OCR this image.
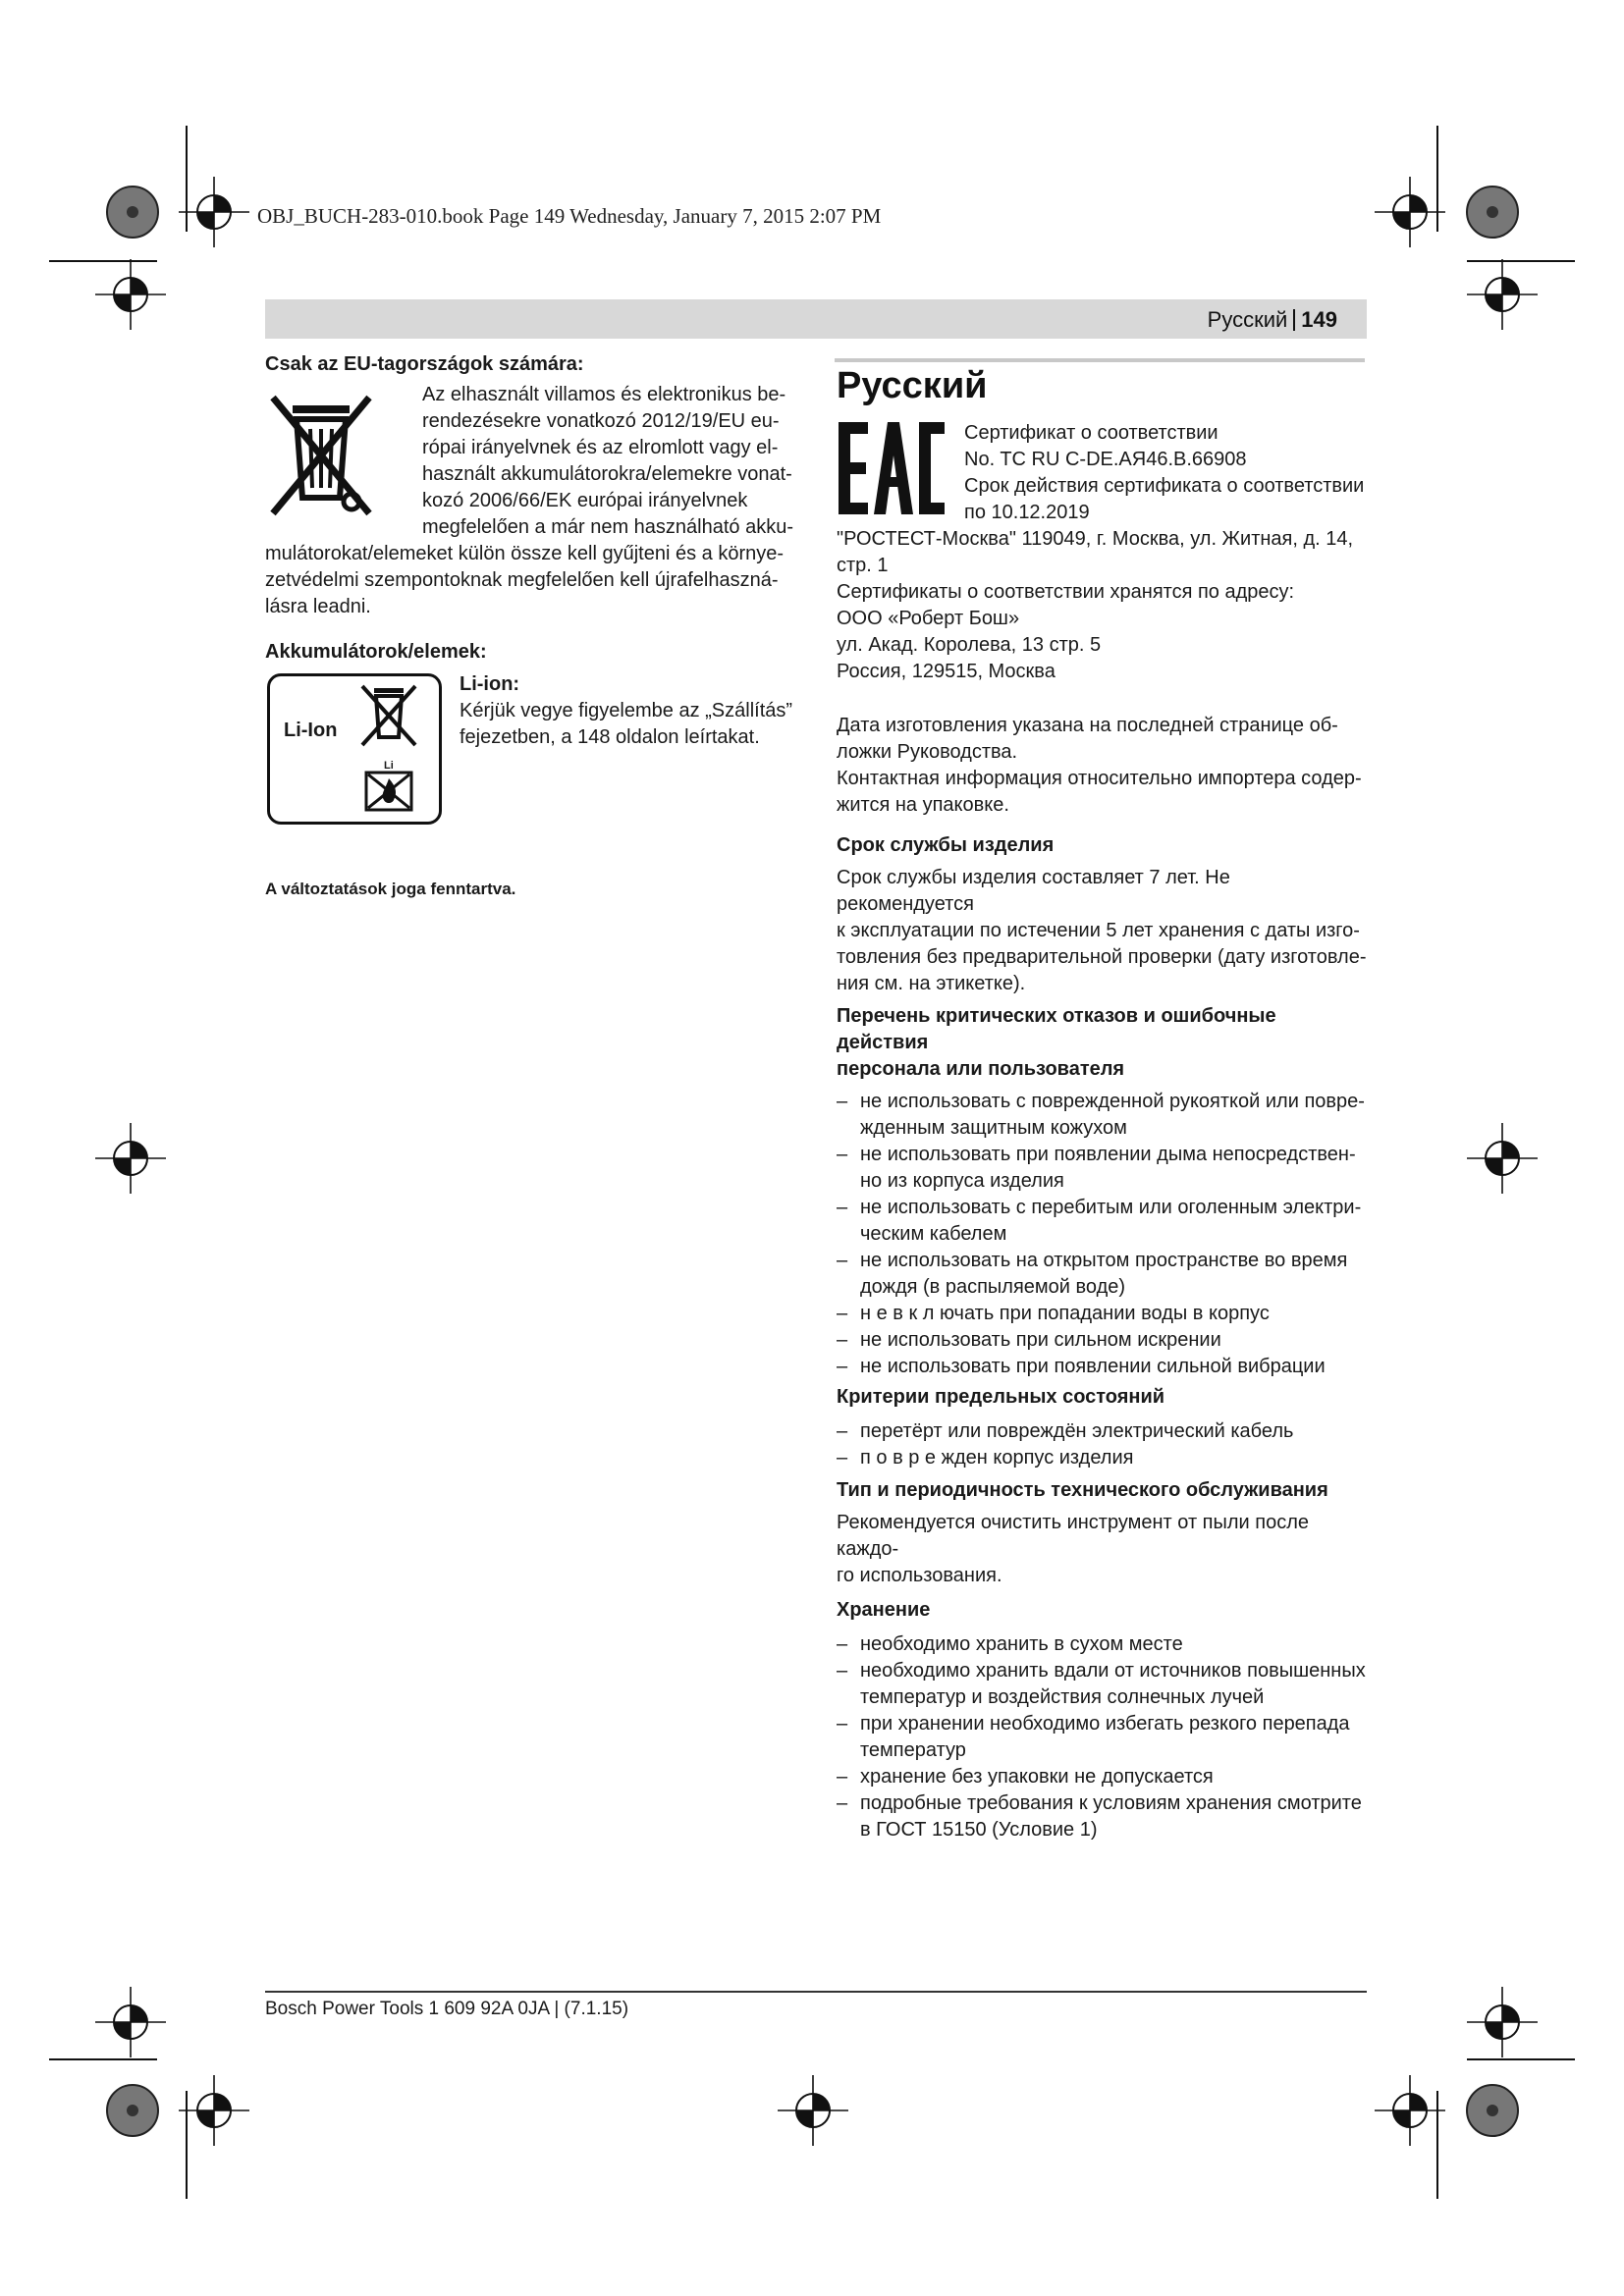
OBJ_BUCH-283-010.book Page 149 Wednesday, January 7, 2015 2:07 PM
Русский 149
Csak az EU-tagországok számára:

Az elhasznált villamos és elektronikus be-

rendezésekre vonatkozó 2012/19/EU eu-

rópai irányelvnek és az elromlott vagy el-

használt akkumulátorokra/elemekre vonat-

kozó 2006/66/EK európai irányelvnek

megfelelően a már nem használható akku-

mulátorokat/elemeket külön össze kell gyűjteni és a környe-

zetvédelmi szempontoknak megfelelően kell újrafelhaszná-

lásra leadni.

Akkumulátorok/elemek:
Li-Ion
Li
Li-ion:

Kérjük vegye figyelembe az „Szállítás”

fejezetben, a 148 oldalon leírtakat.

A változtatások joga fenntartva.
Русский

Сертификат о соответствии

No. TC RU C-DE.АЯ46.B.66908

Срок действия сертификата о соответствии

по 10.12.2019

"РОСТЕСТ-Москва" 119049, г. Москва, ул. Житная, д. 14,

стр. 1

Сертификаты о соответствии хранятся по адресу:

ООО «Роберт Бош»

ул. Акад. Королева, 13 стр. 5

Россия, 129515, Москва

Дата изготовления указана на последней странице об-

ложки Руководства.

Контактная информация относительно импортера содер-

жится на упаковке.

Срок службы изделия

Срок службы изделия составляет 7 лет. Не рекомендуется

к эксплуатации по истечении 5 лет хранения с даты изго-

товления без предварительной проверки (дату изготовле-

ния см. на этикетке).

Перечень критических отказов и ошибочные действия
персонала или пользователя
– не использовать с поврежденной рукояткой или повре-
жденным защитным кожухом
– не использовать при появлении дыма непосредствен-
но из корпуса изделия
– не использовать с перебитым или оголенным электри-
ческим кабелем
– не использовать на открытом пространстве во время
дождя (в распыляемой воде)
– н е в к л ючать при попадании воды в корпус
– не использовать при сильном искрении
– не использовать при появлении сильной вибрации
Критерии предельных состояний
– перетёрт или повреждён электрический кабель
– п о в р е жден корпус изделия
Тип и периодичность технического обслуживания

Рекомендуется очистить инструмент от пыли после каждо-

го использования.

Хранение
– необходимо хранить в сухом месте
– необходимо хранить вдали от источников повышенных
температур и воздействия солнечных лучей
– при хранении необходимо избегать резкого перепада
температур
– хранение без упаковки не допускается
– подробные требования к условиям хранения смотрите
в ГОСТ 15150 (Условие 1)
Bosch Power Tools 1 609 92A 0JA | (7.1.15)
